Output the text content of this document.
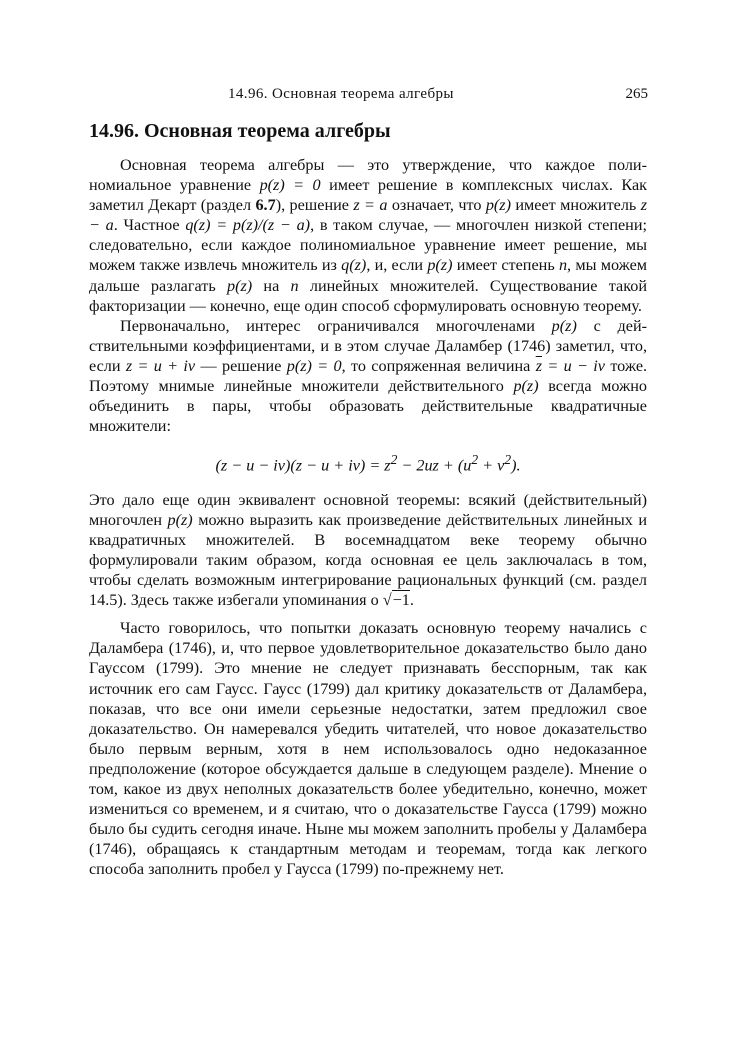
14.96. Основная теорема алгебры	265
14.96. Основная теорема алгебры

Основная теорема алгебры — это утверждение, что каждое полиномиальное уравнение p(z) = 0 имеет решение в комплексных числах. Как заметил Декарт (раздел 6.7), решение z = a означает, что p(z) имеет множитель z − a. Частное q(z) = p(z)/(z − a), в таком случае, — многочлен низкой степени; следовательно, если каждое полиномиальное уравнение имеет решение, мы можем также извлечь множитель из q(z), и, если p(z) имеет степень n, мы можем дальше разлагать p(z) на n линейных множителей. Существование такой факторизации — конечно, еще один способ сформулировать основную теорему.

Первоначально, интерес ограничивался многочленами p(z) с действительными коэффициентами, и в этом случае Даламбер (1746) заметил, что, если z = u + iv — решение p(z) = 0, то сопряженная величина $\overline{z} = u$ − iv тоже. Поэтому мнимые линейные множители действительного p(z) всегда можно объединить в пары, чтобы образовать действительные квадратичные множители:

$(z - u - iv)(z - u + iv) = z^2 - 2uz + (u^2 + v^2)$.

Это дало еще один эквивалент основной теоремы: всякий (действительный) многочлен p(z) можно выразить как произведение действительных линейных и квадратичных множителей. В восемнадцатом веке теорему обычно формулировали таким образом, когда основная ее цель заключалась в том, чтобы сделать возможным интегрирование рациональных функций (см. раздел 14.5). Здесь также избегали упоминания о √−1.

Часто говорилось, что попытки доказать основную теорему начались с Даламбера (1746), и, что первое удовлетворительное доказательство было дано Гауссом (1799). Это мнение не следует признавать бесспорным, так как источник его сам Гаусс. Гаусс (1799) дал критику доказательств от Даламбера, показав, что все они имели серьезные недостатки, затем предложил свое доказательство. Он намеревался убедить читателей, что новое доказательство было первым верным, хотя в нем использовалось одно недоказанное предположение (которое обсуждается дальше в следующем разделе). Мнение о том, какое из двух неполных доказательств более убедительно, конечно, может измениться со временем, и я считаю, что о доказательстве Гаусса (1799) можно было бы судить сегодня иначе. Ныне мы можем заполнить пробелы у Даламбера (1746), обращаясь к стандартным методам и теоремам, тогда как легкого способа заполнить пробел у Гаусса (1799) по-прежнему нет.
